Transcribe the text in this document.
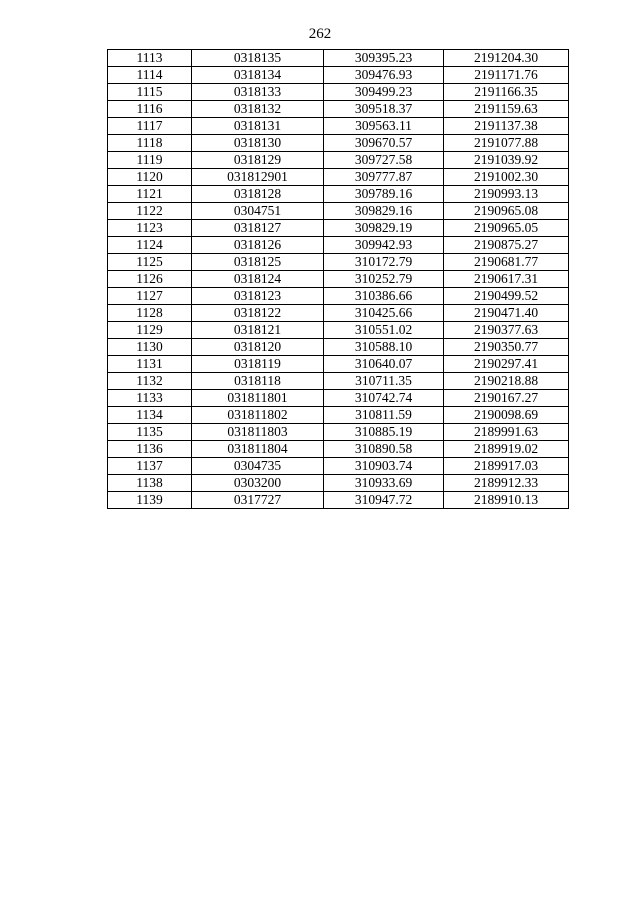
262
1113	0318135	309395.23	2191204.30
1114	0318134	309476.93	2191171.76
1115	0318133	309499.23	2191166.35
1116	0318132	309518.37	2191159.63
1117	0318131	309563.11	2191137.38
1118	0318130	309670.57	2191077.88
1119	0318129	309727.58	2191039.92
1120	031812901	309777.87	2191002.30
1121	0318128	309789.16	2190993.13
1122	0304751	309829.16	2190965.08
1123	0318127	309829.19	2190965.05
1124	0318126	309942.93	2190875.27
1125	0318125	310172.79	2190681.77
1126	0318124	310252.79	2190617.31
1127	0318123	310386.66	2190499.52
1128	0318122	310425.66	2190471.40
1129	0318121	310551.02	2190377.63
1130	0318120	310588.10	2190350.77
1131	0318119	310640.07	2190297.41
1132	0318118	310711.35	2190218.88
1133	031811801	310742.74	2190167.27
1134	031811802	310811.59	2190098.69
1135	031811803	310885.19	2189991.63
1136	031811804	310890.58	2189919.02
1137	0304735	310903.74	2189917.03
1138	0303200	310933.69	2189912.33
1139	0317727	310947.72	2189910.13
